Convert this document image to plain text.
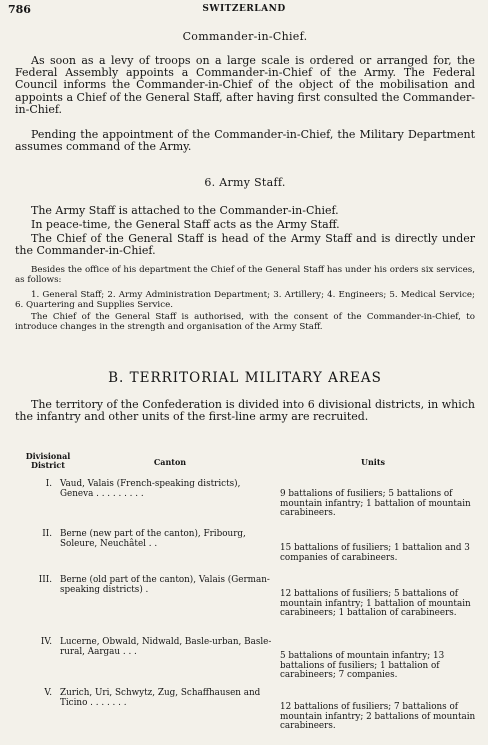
786	SWITZERLAND
Commander-in-Chief.
As soon as a levy of troops on a large scale is ordered or arranged for, the Federal Assembly appoints a Commander-in-Chief of the Army. The Federal Council informs the Commander-in-Chief of the object of the mobilisation and appoints a Chief of the General Staff, after having first consulted the Commander-in-Chief.
Pending the appointment of the Commander-in-Chief, the Military Department assumes command of the Army.
6. Army Staff.
The Army Staff is attached to the Commander-in-Chief.
In peace-time, the General Staff acts as the Army Staff.
The Chief of the General Staff is head of the Army Staff and is directly under the Commander-in-Chief.
Besides the office of his department the Chief of the General Staff has under his orders six services, as follows:
1. General Staff; 2. Army Administration Department; 3. Artillery; 4. Engineers; 5. Medical Service; 6. Quartering and Supplies Service.
The Chief of the General Staff is authorised, with the consent of the Commander-in-Chief, to introduce changes in the strength and organisation of the Army Staff.
B. TERRITORIAL MILITARY AREAS
The territory of the Confederation is divided into 6 divisional districts, in which the infantry and other units of the first-line army are recruited.
Divisional District	Canton	Units
I. Vaud, Valais (French-speaking districts), Geneva . . . . . . . . .	9 battalions of fusiliers; 5 battalions of mountain infantry; 1 battalion of mountain carabineers.
II. Berne (new part of the canton), Fribourg, Soleure, Neuchâtel . .	15 battalions of fusiliers; 1 battalion and 3 companies of carabineers.
III. Berne (old part of the canton), Valais (German-speaking districts) .	12 battalions of fusiliers; 5 battalions of mountain infantry; 1 battalion of mountain carabineers; 1 battalion of carabineers.
IV. Lucerne, Obwald, Nidwald, Basle-urban, Basle-rural, Aargau . . .	5 battalions of mountain infantry; 13 battalions of fusiliers; 1 battalion of carabineers; 7 companies.
V. Zurich, Uri, Schwytz, Zug, Schaffhausen and Ticino . . . . . . .	12 battalions of fusiliers; 7 battalions of mountain infantry; 2 battalions of mountain carabineers.
